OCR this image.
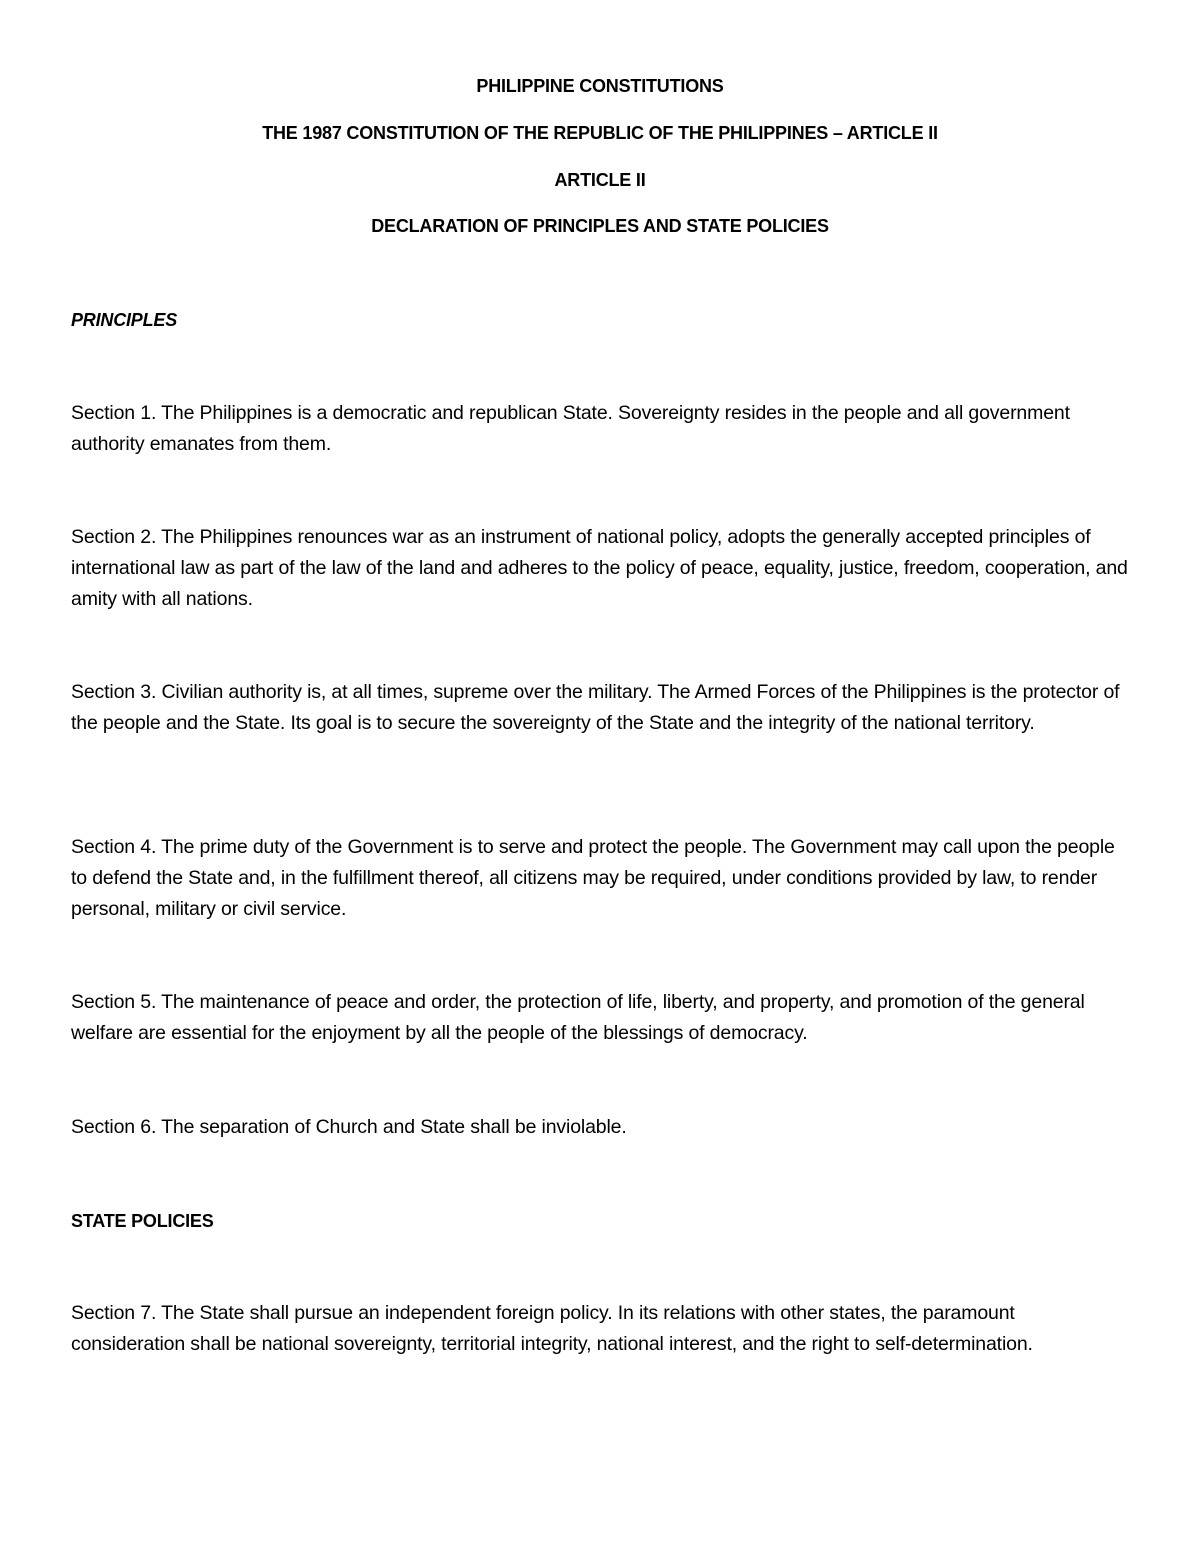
PHILIPPINE CONSTITUTIONS

THE 1987 CONSTITUTION OF THE REPUBLIC OF THE PHILIPPINES – ARTICLE II

ARTICLE II

DECLARATION OF PRINCIPLES AND STATE POLICIES

PRINCIPLES

Section 1. The Philippines is a democratic and republican State. Sovereignty resides in the people and all government authority emanates from them.

Section 2. The Philippines renounces war as an instrument of national policy, adopts the generally accepted principles of international law as part of the law of the land and adheres to the policy of peace, equality, justice, freedom, cooperation, and amity with all nations.

Section 3. Civilian authority is, at all times, supreme over the military. The Armed Forces of the Philippines is the protector of the people and the State. Its goal is to secure the sovereignty of the State and the integrity of the national territory.

Section 4. The prime duty of the Government is to serve and protect the people. The Government may call upon the people to defend the State and, in the fulfillment thereof, all citizens may be required, under conditions provided by law, to render personal, military or civil service.

Section 5. The maintenance of peace and order, the protection of life, liberty, and property, and promotion of the general welfare are essential for the enjoyment by all the people of the blessings of democracy.

Section 6. The separation of Church and State shall be inviolable.

STATE POLICIES

Section 7. The State shall pursue an independent foreign policy. In its relations with other states, the paramount consideration shall be national sovereignty, territorial integrity, national interest, and the right to self-determination.
